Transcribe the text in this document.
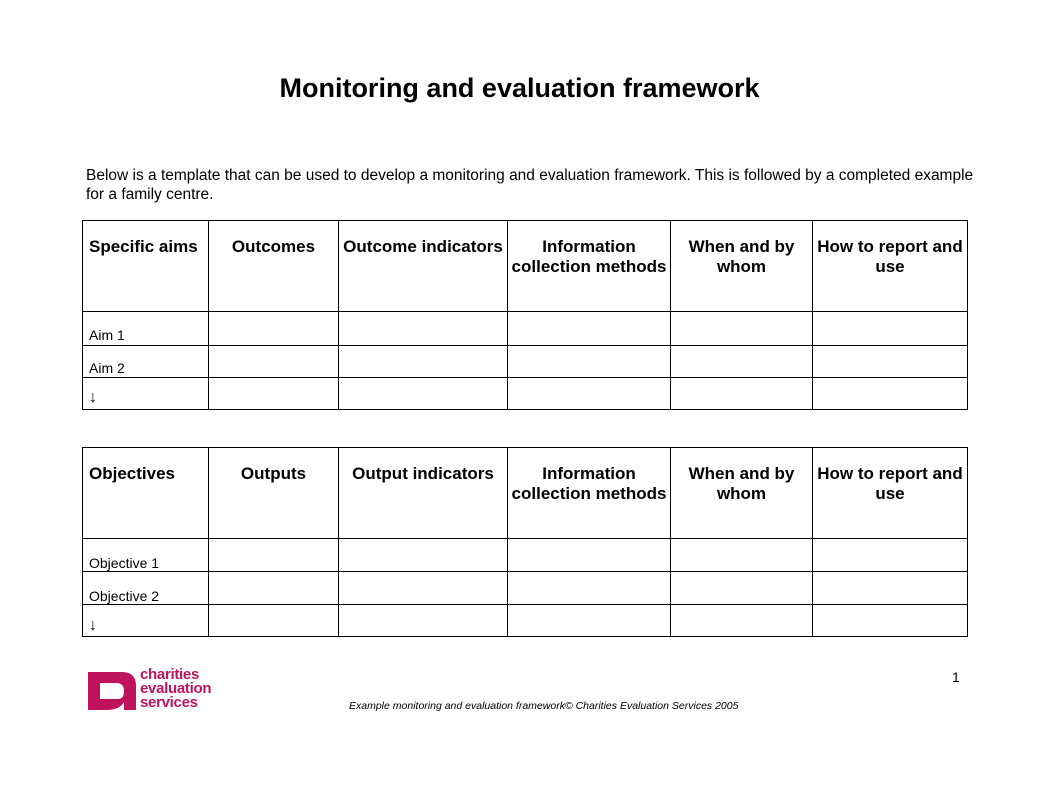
Monitoring and evaluation framework
Below is a template that can be used to develop a monitoring and evaluation framework. This is followed by a completed example for a family centre.
Specific aims	Outcomes	Outcome indicators	Information collection methods	When and by whom	How to report and use
Aim 1					
Aim 2					
↓					
Objectives	Outputs	Output indicators	Information collection methods	When and by whom	How to report and use
Objective 1					
Objective 2					
↓					
charities
evaluation
services
1
Example monitoring and evaluation framework© Charities Evaluation Services 2005
